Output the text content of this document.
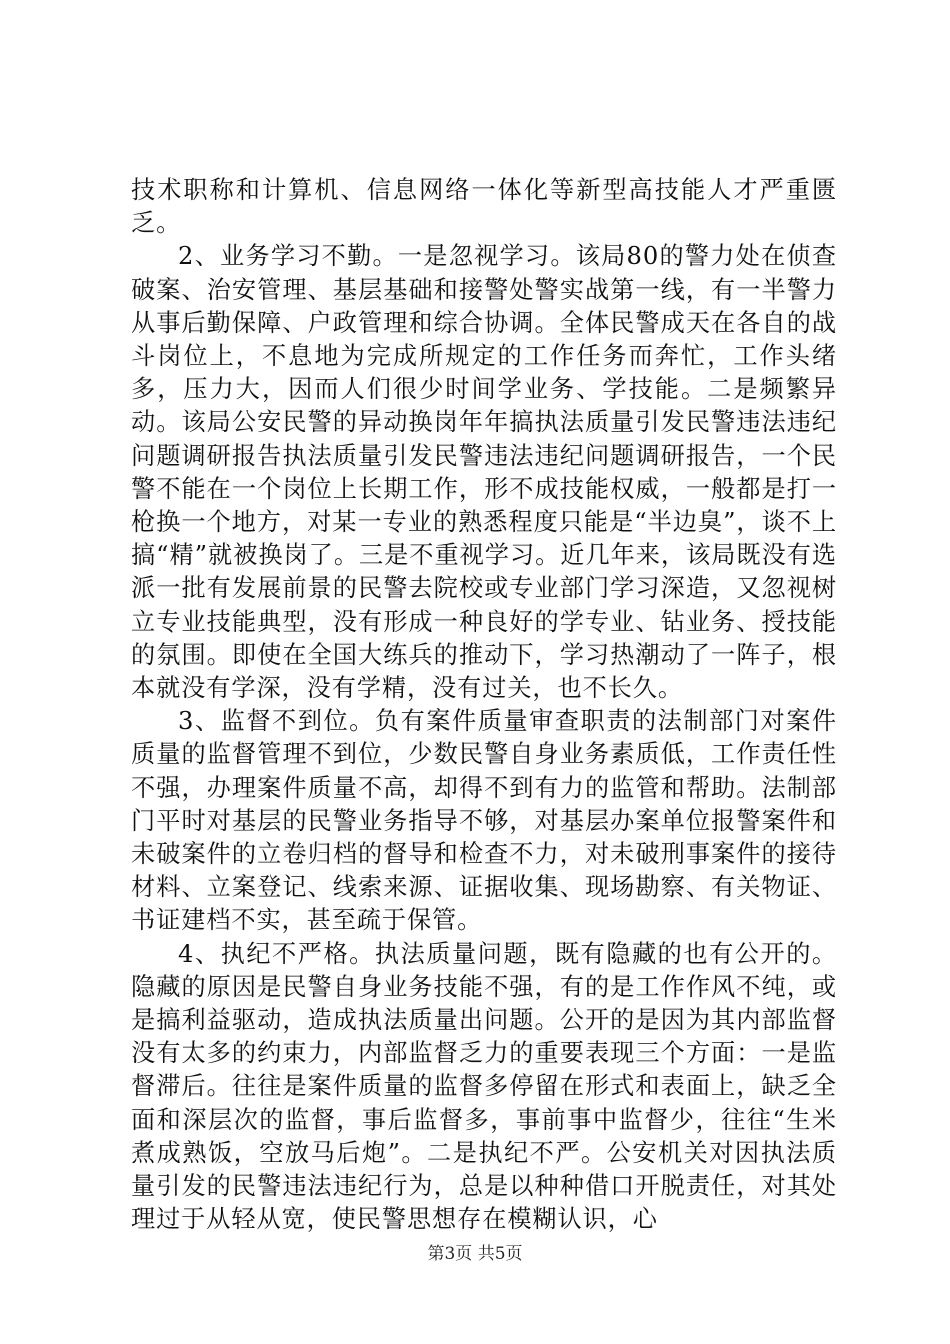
技术职称和计算机、信息网络一体化等新型高技能人才严重匮乏。

2、业务学习不勤。一是忽视学习。该局80的警力处在侦查破案、治安管理、基层基础和接警处警实战第一线，有一半警力从事后勤保障、户政管理和综合协调。全体民警成天在各自的战斗岗位上，不息地为完成所规定的工作任务而奔忙，工作头绪多，压力大，因而人们很少时间学业务、学技能。二是频繁异动。该局公安民警的异动换岗年年搞执法质量引发民警违法违纪问题调研报告执法质量引发民警违法违纪问题调研报告，一个民警不能在一个岗位上长期工作，形不成技能权威，一般都是打一枪换一个地方，对某一专业的熟悉程度只能是“半边臭”，谈不上搞“精”就被换岗了。三是不重视学习。近几年来，该局既没有选派一批有发展前景的民警去院校或专业部门学习深造，又忽视树立专业技能典型，没有形成一种良好的学专业、钻业务、授技能的氛围。即使在全国大练兵的推动下，学习热潮动了一阵子，根本就没有学深，没有学精，没有过关，也不长久。

3、监督不到位。负有案件质量审查职责的法制部门对案件质量的监督管理不到位，少数民警自身业务素质低，工作责任性不强，办理案件质量不高，却得不到有力的监管和帮助。法制部门平时对基层的民警业务指导不够，对基层办案单位报警案件和未破案件的立卷归档的督导和检查不力，对未破刑事案件的接待材料、立案登记、线索来源、证据收集、现场勘察、有关物证、书证建档不实，甚至疏于保管。

4、执纪不严格。执法质量问题，既有隐藏的也有公开的。隐藏的原因是民警自身业务技能不强，有的是工作作风不纯，或是搞利益驱动，造成执法质量出问题。公开的是因为其内部监督没有太多的约束力，内部监督乏力的重要表现三个方面：一是监督滞后。往往是案件质量的监督多停留在形式和表面上，缺乏全面和深层次的监督，事后监督多，事前事中监督少，往往“生米煮成熟饭，空放马后炮”。二是执纪不严。公安机关对因执法质量引发的民警违法违纪行为，总是以种种借口开脱责任，对其处理过于从轻从宽，使民警思想存在模糊认识，心

第3页 共5页
